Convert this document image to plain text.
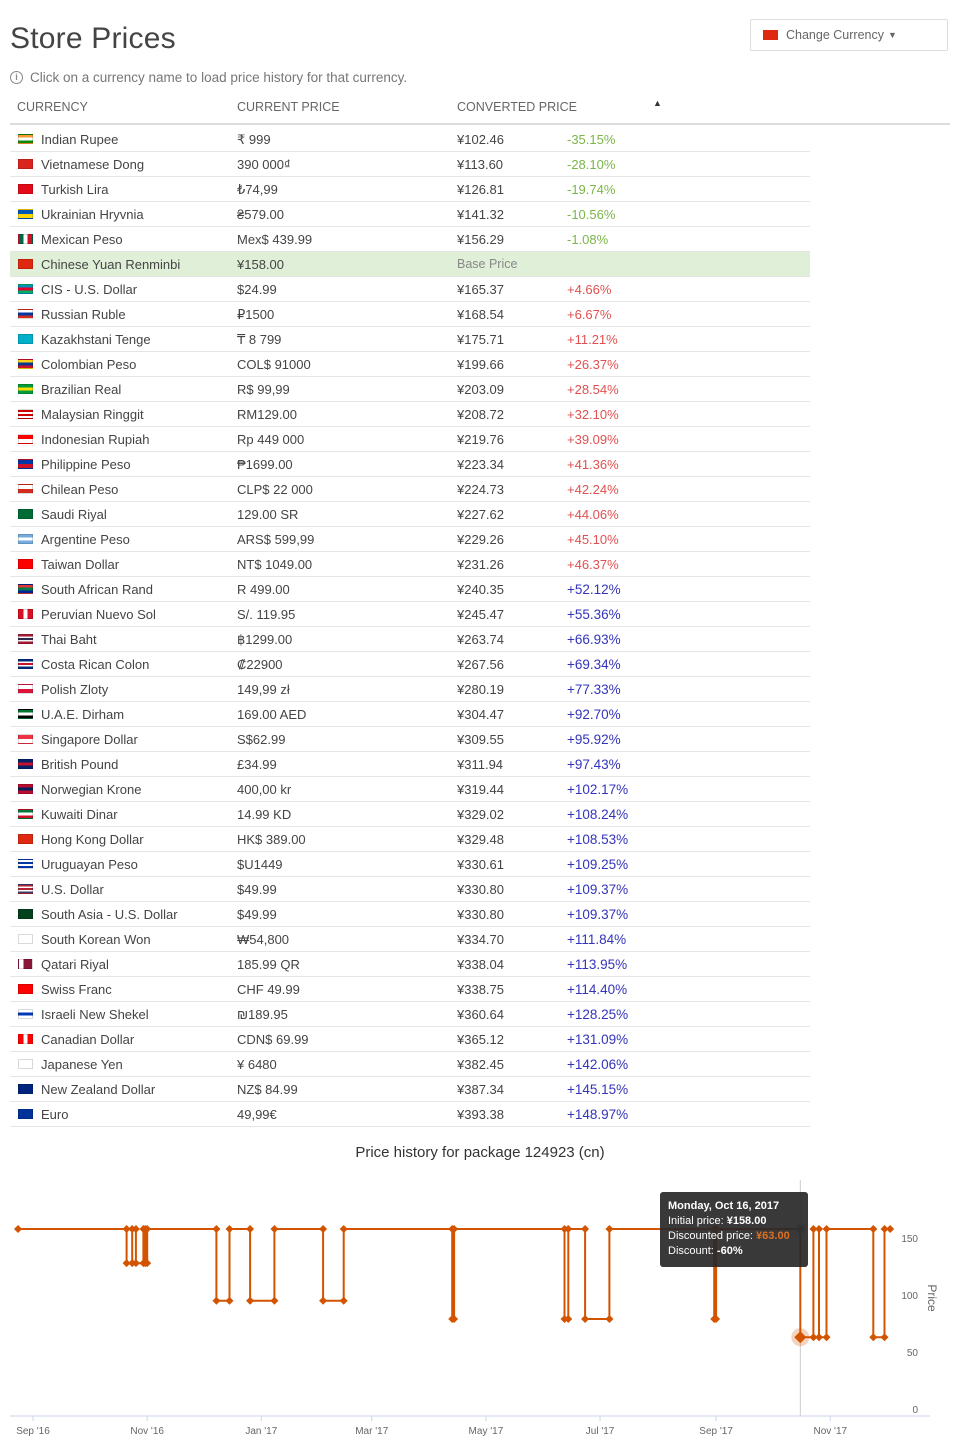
Store Prices	Change Currency ▼
i Click on a currency name to load price history for that currency.
CURRENCY	CURRENT PRICE	CONVERTED PRICE	▲
Indian Rupee	₹ 999	¥102.46	-35.15%
Vietnamese Dong	390 000₫	¥113.60	-28.10%
Turkish Lira	₺74,99	¥126.81	-19.74%
Ukrainian Hryvnia	₴579.00	¥141.32	-10.56%
Mexican Peso	Mex$ 439.99	¥156.29	-1.08%
Chinese Yuan Renminbi	¥158.00	Base Price
CIS - U.S. Dollar	$24.99	¥165.37	+4.66%
Russian Ruble	₽1500	¥168.54	+6.67%
Kazakhstani Tenge	₸ 8 799	¥175.71	+11.21%
Colombian Peso	COL$ 91000	¥199.66	+26.37%
Brazilian Real	R$ 99,99	¥203.09	+28.54%
Malaysian Ringgit	RM129.00	¥208.72	+32.10%
Indonesian Rupiah	Rp 449 000	¥219.76	+39.09%
Philippine Peso	₱1699.00	¥223.34	+41.36%
Chilean Peso	CLP$ 22 000	¥224.73	+42.24%
Saudi Riyal	129.00 SR	¥227.62	+44.06%
Argentine Peso	ARS$ 599,99	¥229.26	+45.10%
Taiwan Dollar	NT$ 1049.00	¥231.26	+46.37%
South African Rand	R 499.00	¥240.35	+52.12%
Peruvian Nuevo Sol	S/. 119.95	¥245.47	+55.36%
Thai Baht	฿1299.00	¥263.74	+66.93%
Costa Rican Colon	₡22900	¥267.56	+69.34%
Polish Zloty	149,99 zł	¥280.19	+77.33%
U.A.E. Dirham	169.00 AED	¥304.47	+92.70%
Singapore Dollar	S$62.99	¥309.55	+95.92%
British Pound	£34.99	¥311.94	+97.43%
Norwegian Krone	400,00 kr	¥319.44	+102.17%
Kuwaiti Dinar	14.99 KD	¥329.02	+108.24%
Hong Kong Dollar	HK$ 389.00	¥329.48	+108.53%
Uruguayan Peso	$U1449	¥330.61	+109.25%
U.S. Dollar	$49.99	¥330.80	+109.37%
South Asia - U.S. Dollar	$49.99	¥330.80	+109.37%
South Korean Won	₩54,800	¥334.70	+111.84%
Qatari Riyal	185.99 QR	¥338.04	+113.95%
Swiss Franc	CHF 49.99	¥338.75	+114.40%
Israeli New Shekel	₪189.95	¥360.64	+128.25%
Canadian Dollar	CDN$ 69.99	¥365.12	+131.09%
Japanese Yen	¥ 6480	¥382.45	+142.06%
New Zealand Dollar	NZ$ 84.99	¥387.34	+145.15%
Euro	49,99€	¥393.38	+148.97%
Price history for package 124923 (cn)
Sep '16	Nov '16	Jan '17	Mar '17	May '17	Jul '17	Sep '17	Nov '17
0
50
100
150
Price
Monday, Oct 16, 2017
Initial price: ¥158.00
Discounted price: ¥63.00
Discount: -60%
